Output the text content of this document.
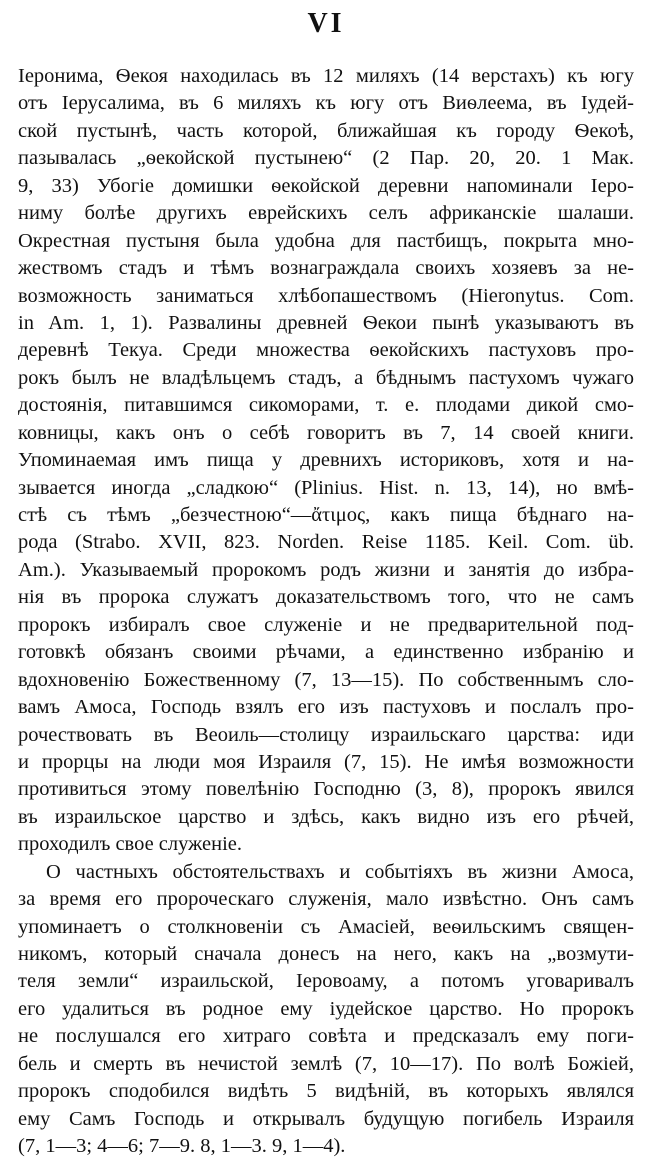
VI
Іеронима, Ѳекоя находилась въ 12 миляхъ (14 верстахъ) къ югу
отъ Іерусалима, въ 6 миляхъ къ югу отъ Виѳлеема, въ Іудей-
ской пустынѣ, часть которой, ближайшая къ городу Ѳекоѣ,
пазывалась „ѳекойской пустынею“ (2 Пар. 20, 20. 1 Мак.
9, 33) Убогіе домишки ѳекойской деревни напоминали Іеро-
ниму болѣе другихъ еврейскихъ селъ африканскіе шалаши.
Окрестная пустыня была удобна для пастбищъ, покрыта мно-
жествомъ стадъ и тѣмъ вознаграждала своихъ хозяевъ за не-
возможность заниматься хлѣбопашествомъ (Hieronytus. Com.
in Am. 1, 1). Развалины древней Ѳекои пынѣ указываютъ въ
деревнѣ Текуа. Среди множества ѳекойскихъ пастуховъ про-
рокъ былъ не владѣльцемъ стадъ, а бѣднымъ пастухомъ чужаго
достоянія, питавшимся сикоморами, т. е. плодами дикой смо-
ковницы, какъ онъ о себѣ говоритъ въ 7, 14 своей книги.
Упоминаемая имъ пища у древнихъ историковъ, хотя и на-
зывается иногда „сладкою“ (Plinius. Hist. n. 13, 14), но вмѣ-
стѣ съ тѣмъ „безчестною“—ἄτιμος, какъ пища бѣднаго на-
рода (Strabo. XVII, 823. Norden. Reise 1185. Keil. Com. üb.
Am.). Указываемый пророкомъ родъ жизни и занятія до избра-
нія въ пророка служатъ доказательствомъ того, что не самъ
пророкъ избиралъ свое служеніе и не предварительной под-
готовкѣ обязанъ своими рѣчами, а единственно избранію и
вдохновенію Божественному (7, 13—15). По собственнымъ сло-
вамъ Амоса, Господь взялъ его изъ пастуховъ и послалъ про-
рочествовать въ Веоиль—столицу израильскаго царства: иди
и прорцы на люди моя Израиля (7, 15). Не имѣя возможности
противиться этому повелѣнію Господню (3, 8), пророкъ явился
въ израильское царство и здѣсь, какъ видно изъ его рѣчей,
проходилъ свое служеніе.
О частныхъ обстоятельствахъ и событіяхъ въ жизни Амоса,
за время его пророческаго служенія, мало извѣстно. Онъ самъ
упоминаетъ о столкновеніи съ Амасіей, веѳильскимъ священ-
никомъ, который сначала донесъ на него, какъ на „возмути-
теля земли“ израильской, Іеровоаму, а потомъ уговаривалъ
его удалиться въ родное ему іудейское царство. Но пророкъ
не послушался его хитраго совѣта и предсказалъ ему поги-
бель и смерть въ нечистой землѣ (7, 10—17). По волѣ Божіей,
пророкъ сподобился видѣть 5 видѣній, въ которыхъ являлся
ему Самъ Господь и открывалъ будущую погибель Израиля
(7, 1—3; 4—6; 7—9. 8, 1—3. 9, 1—4).
